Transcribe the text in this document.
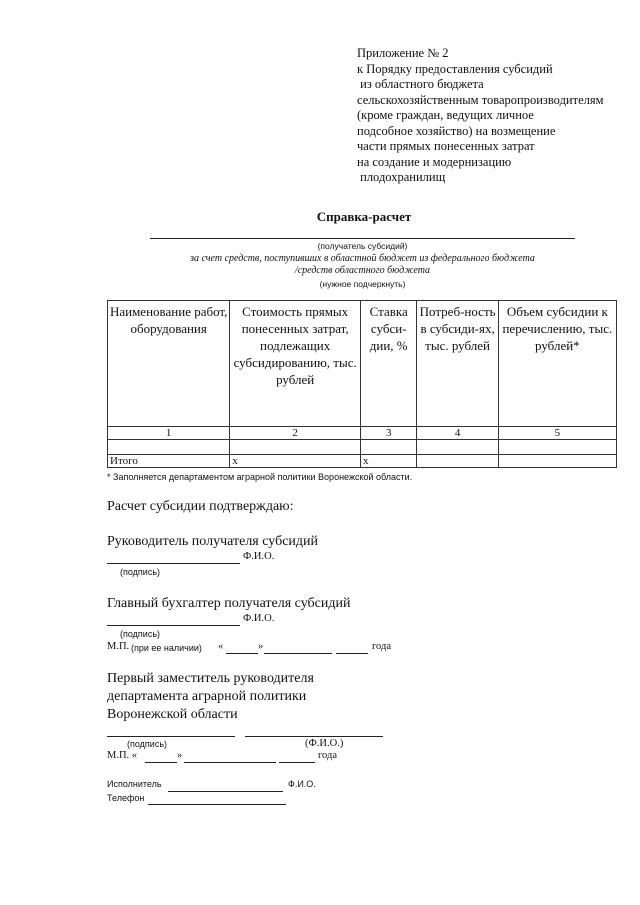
Приложение № 2
к Порядку предоставления субсидий
из областного бюджета
сельскохозяйственным товаропроизводителям
(кроме граждан, ведущих личное
подсобное хозяйство) на возмещение
части прямых понесенных затрат
на создание и модернизацию
плодохранилищ
Справка-расчет
(получатель субсидий)
за счет средств, поступивших в областной бюджет из федерального бюджета
/средств областного бюджета
(нужное подчеркнуть)
Наименование работ, оборудования	Стоимость прямых понесенных затрат, подлежащих субсидированию, тыс. рублей	Ставка субси-дии, %	Потреб-ность в субсиди-ях, тыс. рублей	Объем субсидии к перечислению, тыс. рублей*
1	2	3	4	5

Итого	x	x		
* Заполняется департаментом аграрной политики Воронежской области.
Расчет субсидии подтверждаю:
Руководитель получателя субсидий
Ф.И.О.
(подпись)
Главный бухгалтер получателя субсидий
Ф.И.О.
(подпись)
М.П. (при ее наличии) «	»	года
Первый заместитель руководителя
департамента аграрной политики
Воронежской области
(подпись)	(Ф.И.О.)
М.П. «	»	года
Исполнитель	Ф.И.О.
Телефон
